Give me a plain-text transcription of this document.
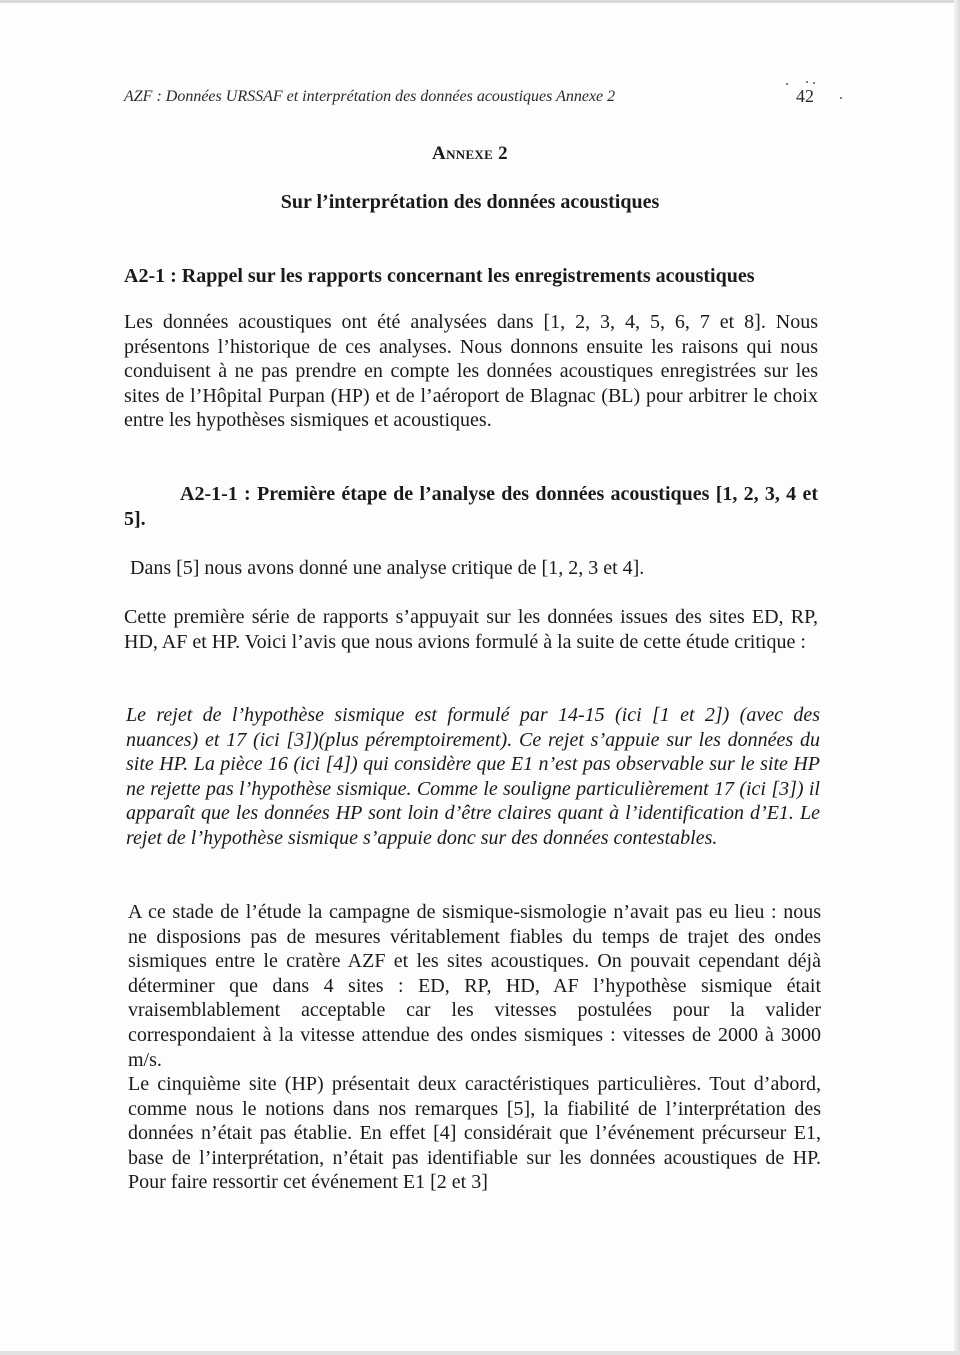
AZF : Données URSSAF et interprétation des données acoustiques Annexe 2	42
Annexe 2
Sur l’interprétation des données acoustiques
A2-1 : Rappel sur les rapports concernant les enregistrements acoustiques
Les données acoustiques ont été analysées dans [1, 2, 3, 4, 5, 6, 7 et 8]. Nous présentons l’historique de ces analyses. Nous donnons ensuite les raisons qui nous conduisent à ne pas prendre en compte les données acoustiques enregistrées sur les sites de l’Hôpital Purpan (HP) et de l’aéroport de Blagnac (BL) pour arbitrer le choix entre les hypothèses sismiques et acoustiques.
A2-1-1 : Première étape de l’analyse des données acoustiques [1, 2, 3, 4 et 5].
Dans [5] nous avons donné une analyse critique de [1, 2, 3 et 4].
Cette première série de rapports s’appuyait sur les données issues des sites ED, RP, HD, AF et HP. Voici l’avis que nous avions formulé à la suite de cette étude critique :
Le rejet de l’hypothèse sismique est formulé par 14-15 (ici [1 et 2]) (avec des nuances) et 17 (ici [3])(plus péremptoirement). Ce rejet s’appuie sur les données du site HP. La pièce 16 (ici [4]) qui considère que E1 n’est pas observable sur le site HP ne rejette pas l’hypothèse sismique. Comme le souligne particulièrement 17 (ici [3]) il apparaît que les données HP sont loin d’être claires quant à l’identification d’E1. Le rejet de l’hypothèse sismique s’appuie donc sur des données contestables.
A ce stade de l’étude la campagne de sismique-sismologie n’avait pas eu lieu : nous ne disposions pas de mesures véritablement fiables du temps de trajet des ondes sismiques entre le cratère AZF et les sites acoustiques. On pouvait cependant déjà déterminer que dans 4 sites : ED, RP, HD, AF l’hypothèse sismique était vraisemblablement acceptable car les vitesses postulées pour la valider correspondaient à la vitesse attendue des ondes sismiques : vitesses de 2000 à 3000 m/s.
Le cinquième site (HP) présentait deux caractéristiques particulières. Tout d’abord, comme nous le notions dans nos remarques [5], la fiabilité de l’interprétation des données n’était pas établie. En effet [4] considérait que l’événement précurseur E1, base de l’interprétation, n’était pas identifiable sur les données acoustiques de HP. Pour faire ressortir cet événement E1 [2 et 3]
